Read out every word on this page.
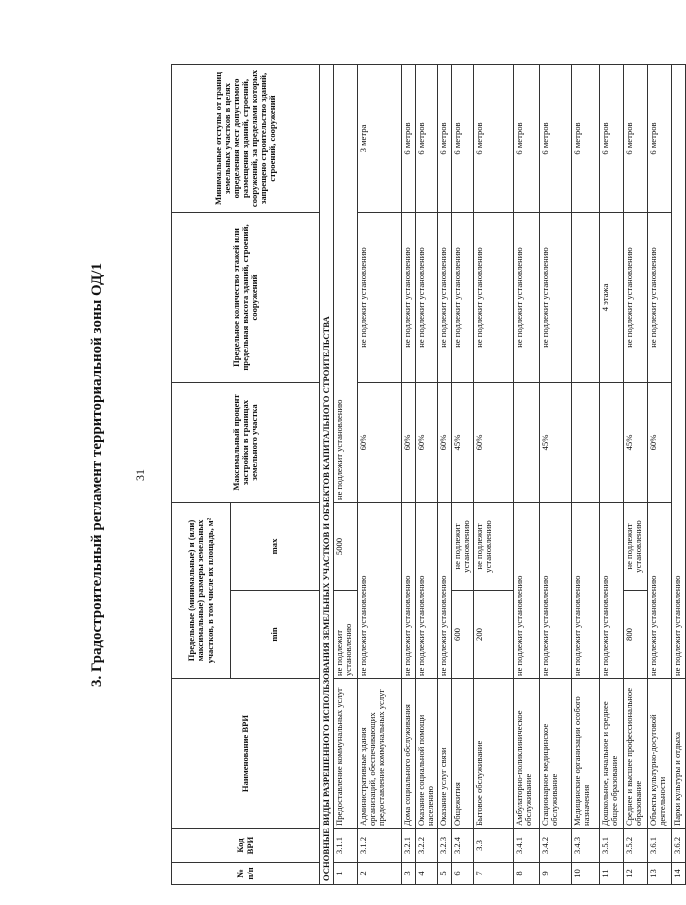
31
3. Градостроительный регламент территориальной зоны ОД/1
№ п/п	Код ВРИ	Наименование ВРИ	Предельные (минимальные) и (или) максимальные) размеры земельных участков, в том числе их площадь, м²		Максимальный процент застройки в границах земельного участка	Предельное количество этажей или предельная высота зданий, строений, сооружений	Минимальные отступы от границ земельных участков в целях определения мест допустимого размещения зданий, строений, сооружений, за пределами которых запрещено строительство зданий, строений, сооружений
			min	max			
ОСНОВНЫЕ ВИДЫ РАЗРЕШЕННОГО ИСПОЛЬЗОВАНИЯ ЗЕМЕЛЬНЫХ УЧАСТКОВ И ОБЪЕКТОВ КАПИТАЛЬНОГО СТРОИТЕЛЬСТВА							
1	3.1.1	Предоставление коммунальных услуг	не подлежит установлению	5000	не подлежит установлению		
2	3.1.2	Административные здания организаций, обеспечивающих предоставление коммунальных услуг	не подлежит установлению		60%	не подлежит установлению	3 метра
3	3.2.1	Дома социального обслуживания	не подлежит установлению		60%	не подлежит установлению	6 метров
4	3.2.2	Оказание социальной помощи населению	не подлежит установлению		60%	не подлежит установлению	6 метров
5	3.2.3	Оказание услуг связи	не подлежит установлению		60%	не подлежит установлению	6 метров
6	3.2.4	Общежития	600	не подлежит установлению	45%	не подлежит установлению	6 метров
7	3.3	Бытовое обслуживание	200	не подлежит установлению	60%	не подлежит установлению	6 метров
8	3.4.1	Амбулаторно-поликлиническое обслуживание	не подлежит установлению			не подлежит установлению	6 метров
9	3.4.2	Стационарное медицинское обслуживание	не подлежит установлению		45%	не подлежит установлению	6 метров
10	3.4.3	Медицинские организации особого назначения	не подлежит установлению				6 метров
11	3.5.1	Дошкольное, начальное и среднее общее образование	не подлежит установлению			4 этажа	6 метров
12	3.5.2	Среднее и высшее профессиональное образование	800	не подлежит установлению	45%	не подлежит установлению	6 метров
13	3.6.1	Объекты культурно-досуговой деятельности	не подлежит установлению		60%	не подлежит установлению	6 метров
14	3.6.2	Парки культуры и отдыха	не подлежит установлению				
